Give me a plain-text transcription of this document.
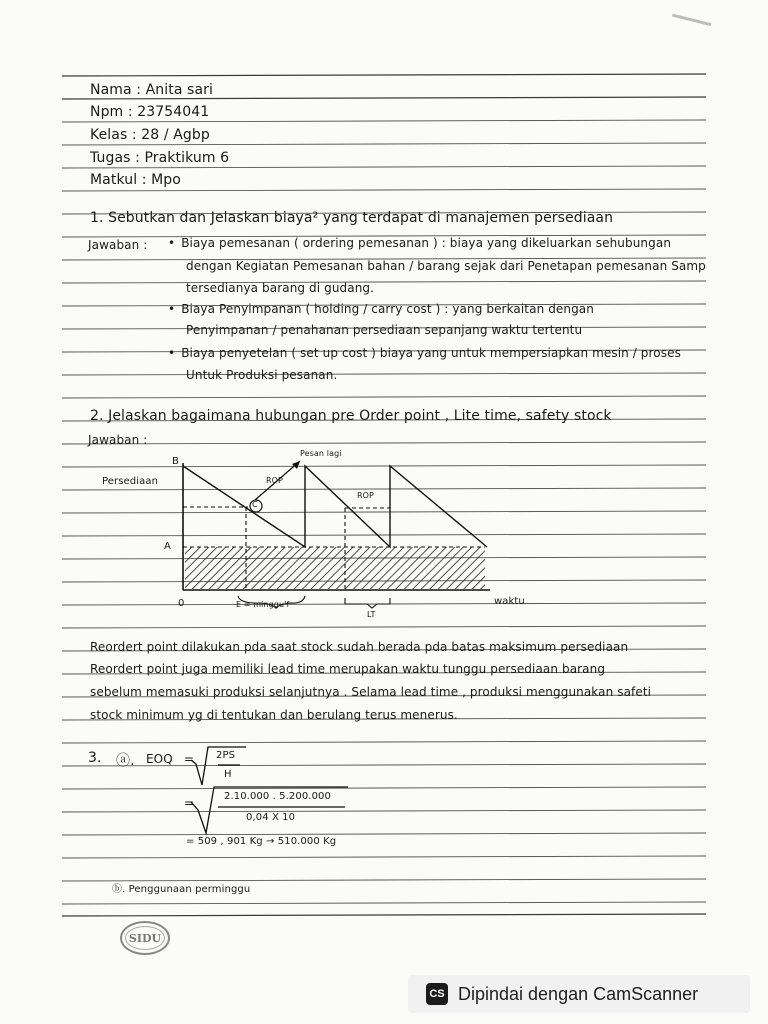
Nama : Anita sari
Npm : 23754041
Kelas : 28 / Agbp
Tugas : Praktikum 6
Matkul : Mpo
1. Sebutkan dan Jelaskan biaya² yang terdapat di manajemen persediaan
Jawaban :
•	Biaya pemesanan ( ordering pemesanan ) : biaya yang dikeluarkan sehubungan
dengan Kegiatan Pemesanan bahan / barang sejak dari Penetapan pemesanan Samp
tersedianya barang di gudang.
• Biaya Penyimpanan ( holding / carry cost ) : yang berkaitan dengan
Penyimpanan / penahanan persediaan sepanjang waktu tertentu
• Biaya penyetelan ( set up cost ) biaya yang untuk mempersiapkan mesin / proses
Untuk Produksi pesanan.
2. Jelaskan bagaimana hubungan pre Order point , Lite time, safety stock
Jawaban :
B
Persediaan
Pesan lagi
ROP
C
ROP
A
0	E = minggu'f
LT
waktu
Reordert point dilakukan pda saat stock sudah berada pda batas maksimum persediaan
Reordert point juga memiliki lead time merupakan waktu tunggu persediaan barang
sebelum memasuki produksi selanjutnya . Selama lead time , produksi menggunakan safeti
stock minimum yg di tentukan dan berulang terus menerus.
3. ⓐ. EOQ = 2PS
H
=	2.10.000 . 5.200.000
0,04 X 10
= 509 , 901 Kg → 510.000 Kg
ⓑ. Penggunaan perminggu
SIDU
CS Dipindai dengan CamScanner
